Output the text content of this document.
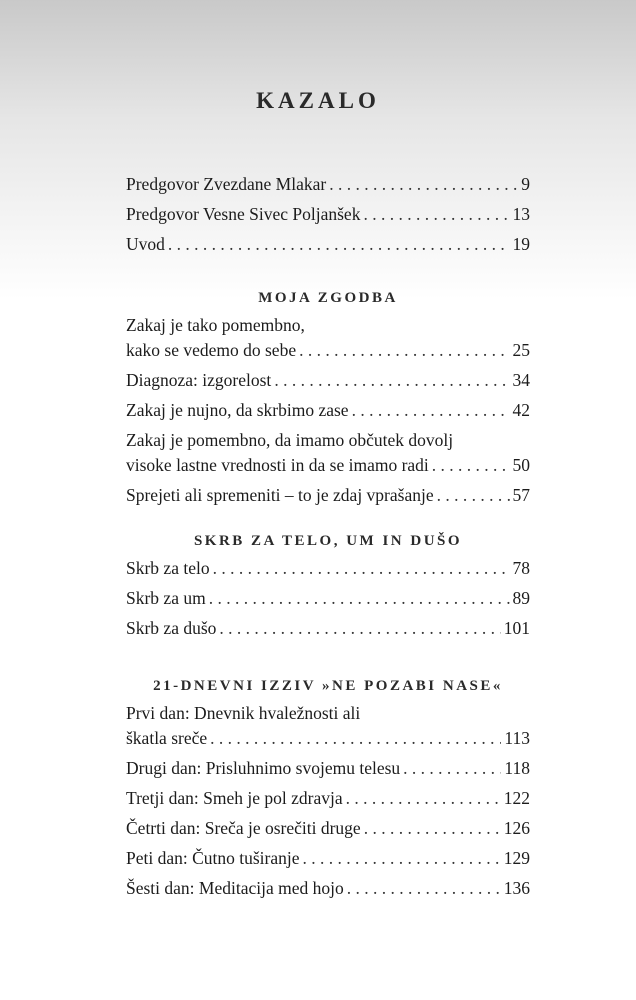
KAZALO
Predgovor Zvezdane Mlakar . . .	9
Predgovor Vesne Sivec Poljanšek . . .	13
Uvod . . .	19
MOJA ZGODBA
Zakaj je tako pomembno,
kako se vedemo do sebe . . .	25
Diagnoza: izgorelost . . .	34
Zakaj je nujno, da skrbimo zase . . .	42
Zakaj je pomembno, da imamo občutek dovolj
visoke lastne vrednosti in da se imamo radi . . .	50
Sprejeti ali spremeniti – to je zdaj vprašanje . . .	57
SKRB ZA TELO, UM IN DUŠO
Skrb za telo . . .	78
Skrb za um . . .	89
Skrb za dušo . . .	101
21-DNEVNI IZZIV »NE POZABI NASE«
Prvi dan: Dnevnik hvaležnosti ali
škatla sreče . . .	113
Drugi dan: Prisluhnimo svojemu telesu . . .	118
Tretji dan: Smeh je pol zdravja . . .	122
Četrti dan: Sreča je osrečiti druge . . .	126
Peti dan: Čutno tuširanje . . .	129
Šesti dan: Meditacija med hojo . . .	136
